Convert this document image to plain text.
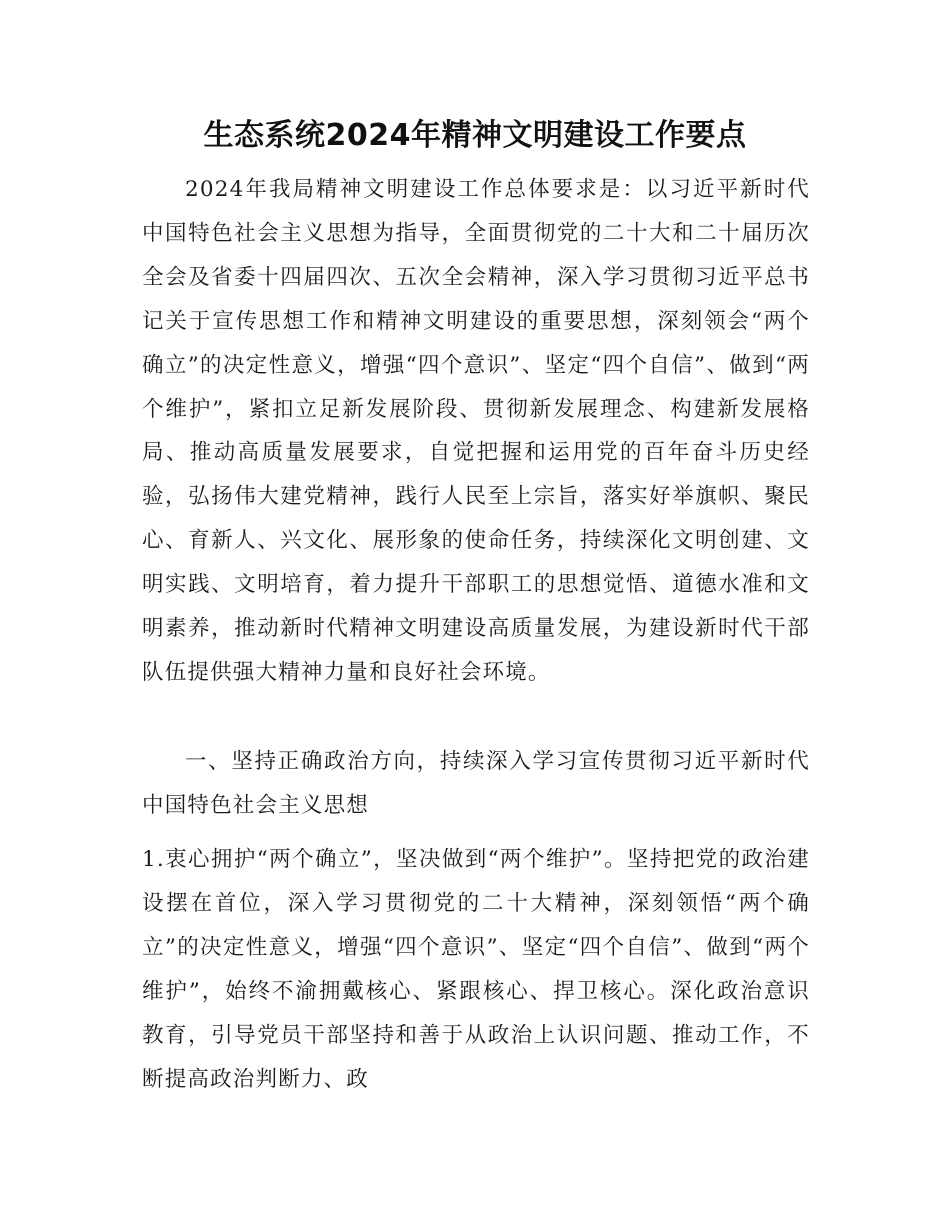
生态系统2024年精神文明建设工作要点

2024年我局精神文明建设工作总体要求是：以习近平新时代中国特色社会主义思想为指导，全面贯彻党的二十大和二十届历次全会及省委十四届四次、五次全会精神，深入学习贯彻习近平总书记关于宣传思想工作和精神文明建设的重要思想，深刻领会“两个确立”的决定性意义，增强“四个意识”、坚定“四个自信”、做到“两个维护”，紧扣立足新发展阶段、贯彻新发展理念、构建新发展格局、推动高质量发展要求，自觉把握和运用党的百年奋斗历史经验，弘扬伟大建党精神，践行人民至上宗旨，落实好举旗帜、聚民心、育新人、兴文化、展形象的使命任务，持续深化文明创建、文明实践、文明培育，着力提升干部职工的思想觉悟、道德水准和文明素养，推动新时代精神文明建设高质量发展，为建设新时代干部队伍提供强大精神力量和良好社会环境。

一、坚持正确政治方向，持续深入学习宣传贯彻习近平新时代中国特色社会主义思想

1.衷心拥护“两个确立”，坚决做到“两个维护”。坚持把党的政治建设摆在首位，深入学习贯彻党的二十大精神，深刻领悟“两个确立”的决定性意义，增强“四个意识”、坚定“四个自信”、做到“两个维护”，始终不渝拥戴核心、紧跟核心、捍卫核心。深化政治意识教育，引导党员干部坚持和善于从政治上认识问题、推动工作，不断提高政治判断力、政
